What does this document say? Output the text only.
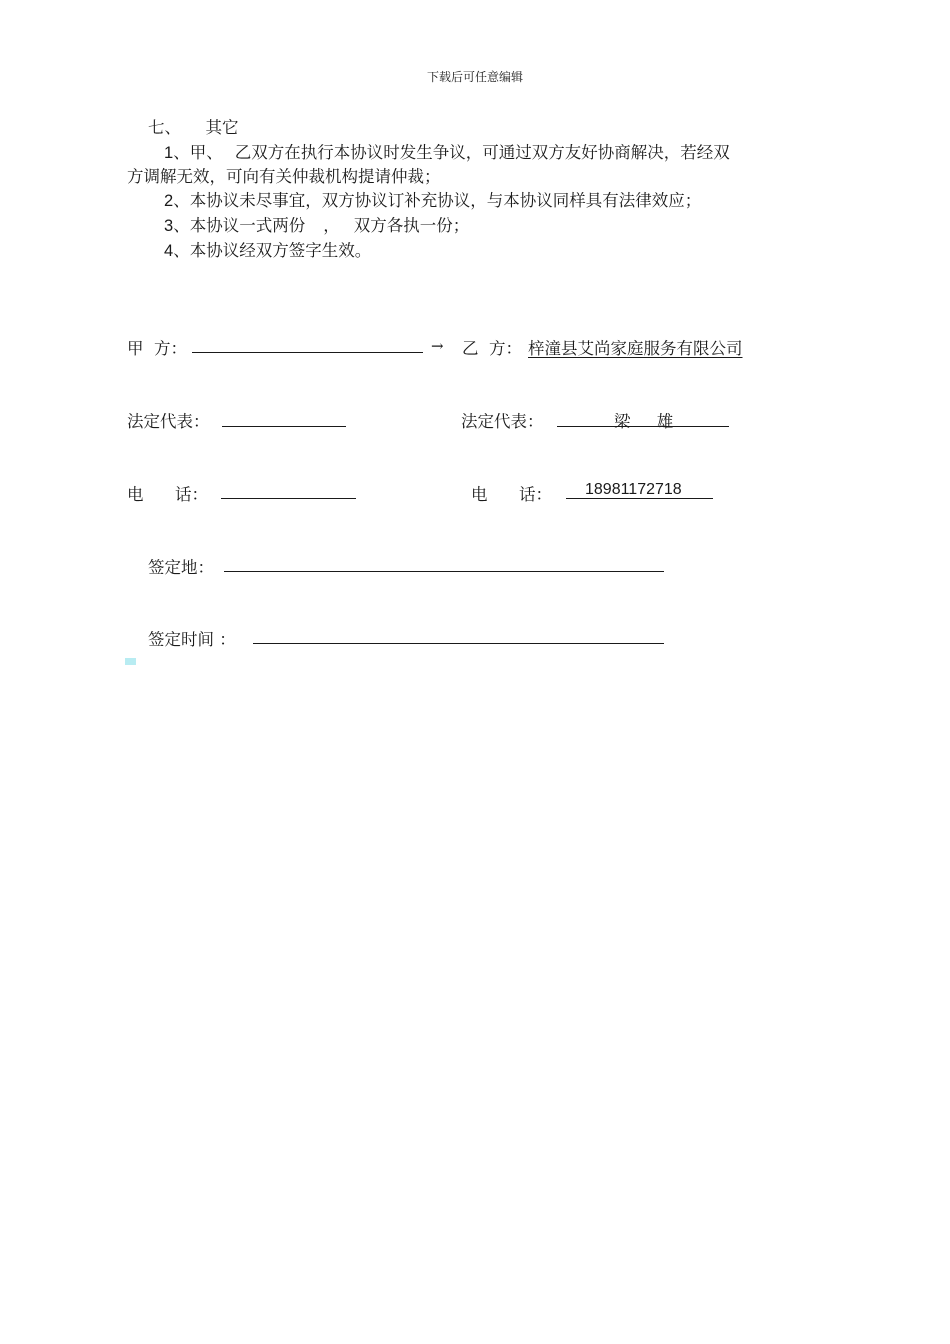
下载后可任意编辑
七、 其它
1、甲、 乙双方在执行本协议时发生争议，可通过双方友好协商解决，若经双
方调解无效，可向有关仲裁机构提请仲裁；
2、本协议未尽事宜，双方协议订补充协议，与本协议同样具有法律效应；
3、本协议一式两份 ， 双方各执一份；
4、本协议经双方签字生效。
甲  方：	→ 乙  方： 梓潼县艾尚家庭服务有限公司
法定代表：	法定代表：	梁     雄
电      话：	电      话： 18981172718
签定地：
签定时间 ：
